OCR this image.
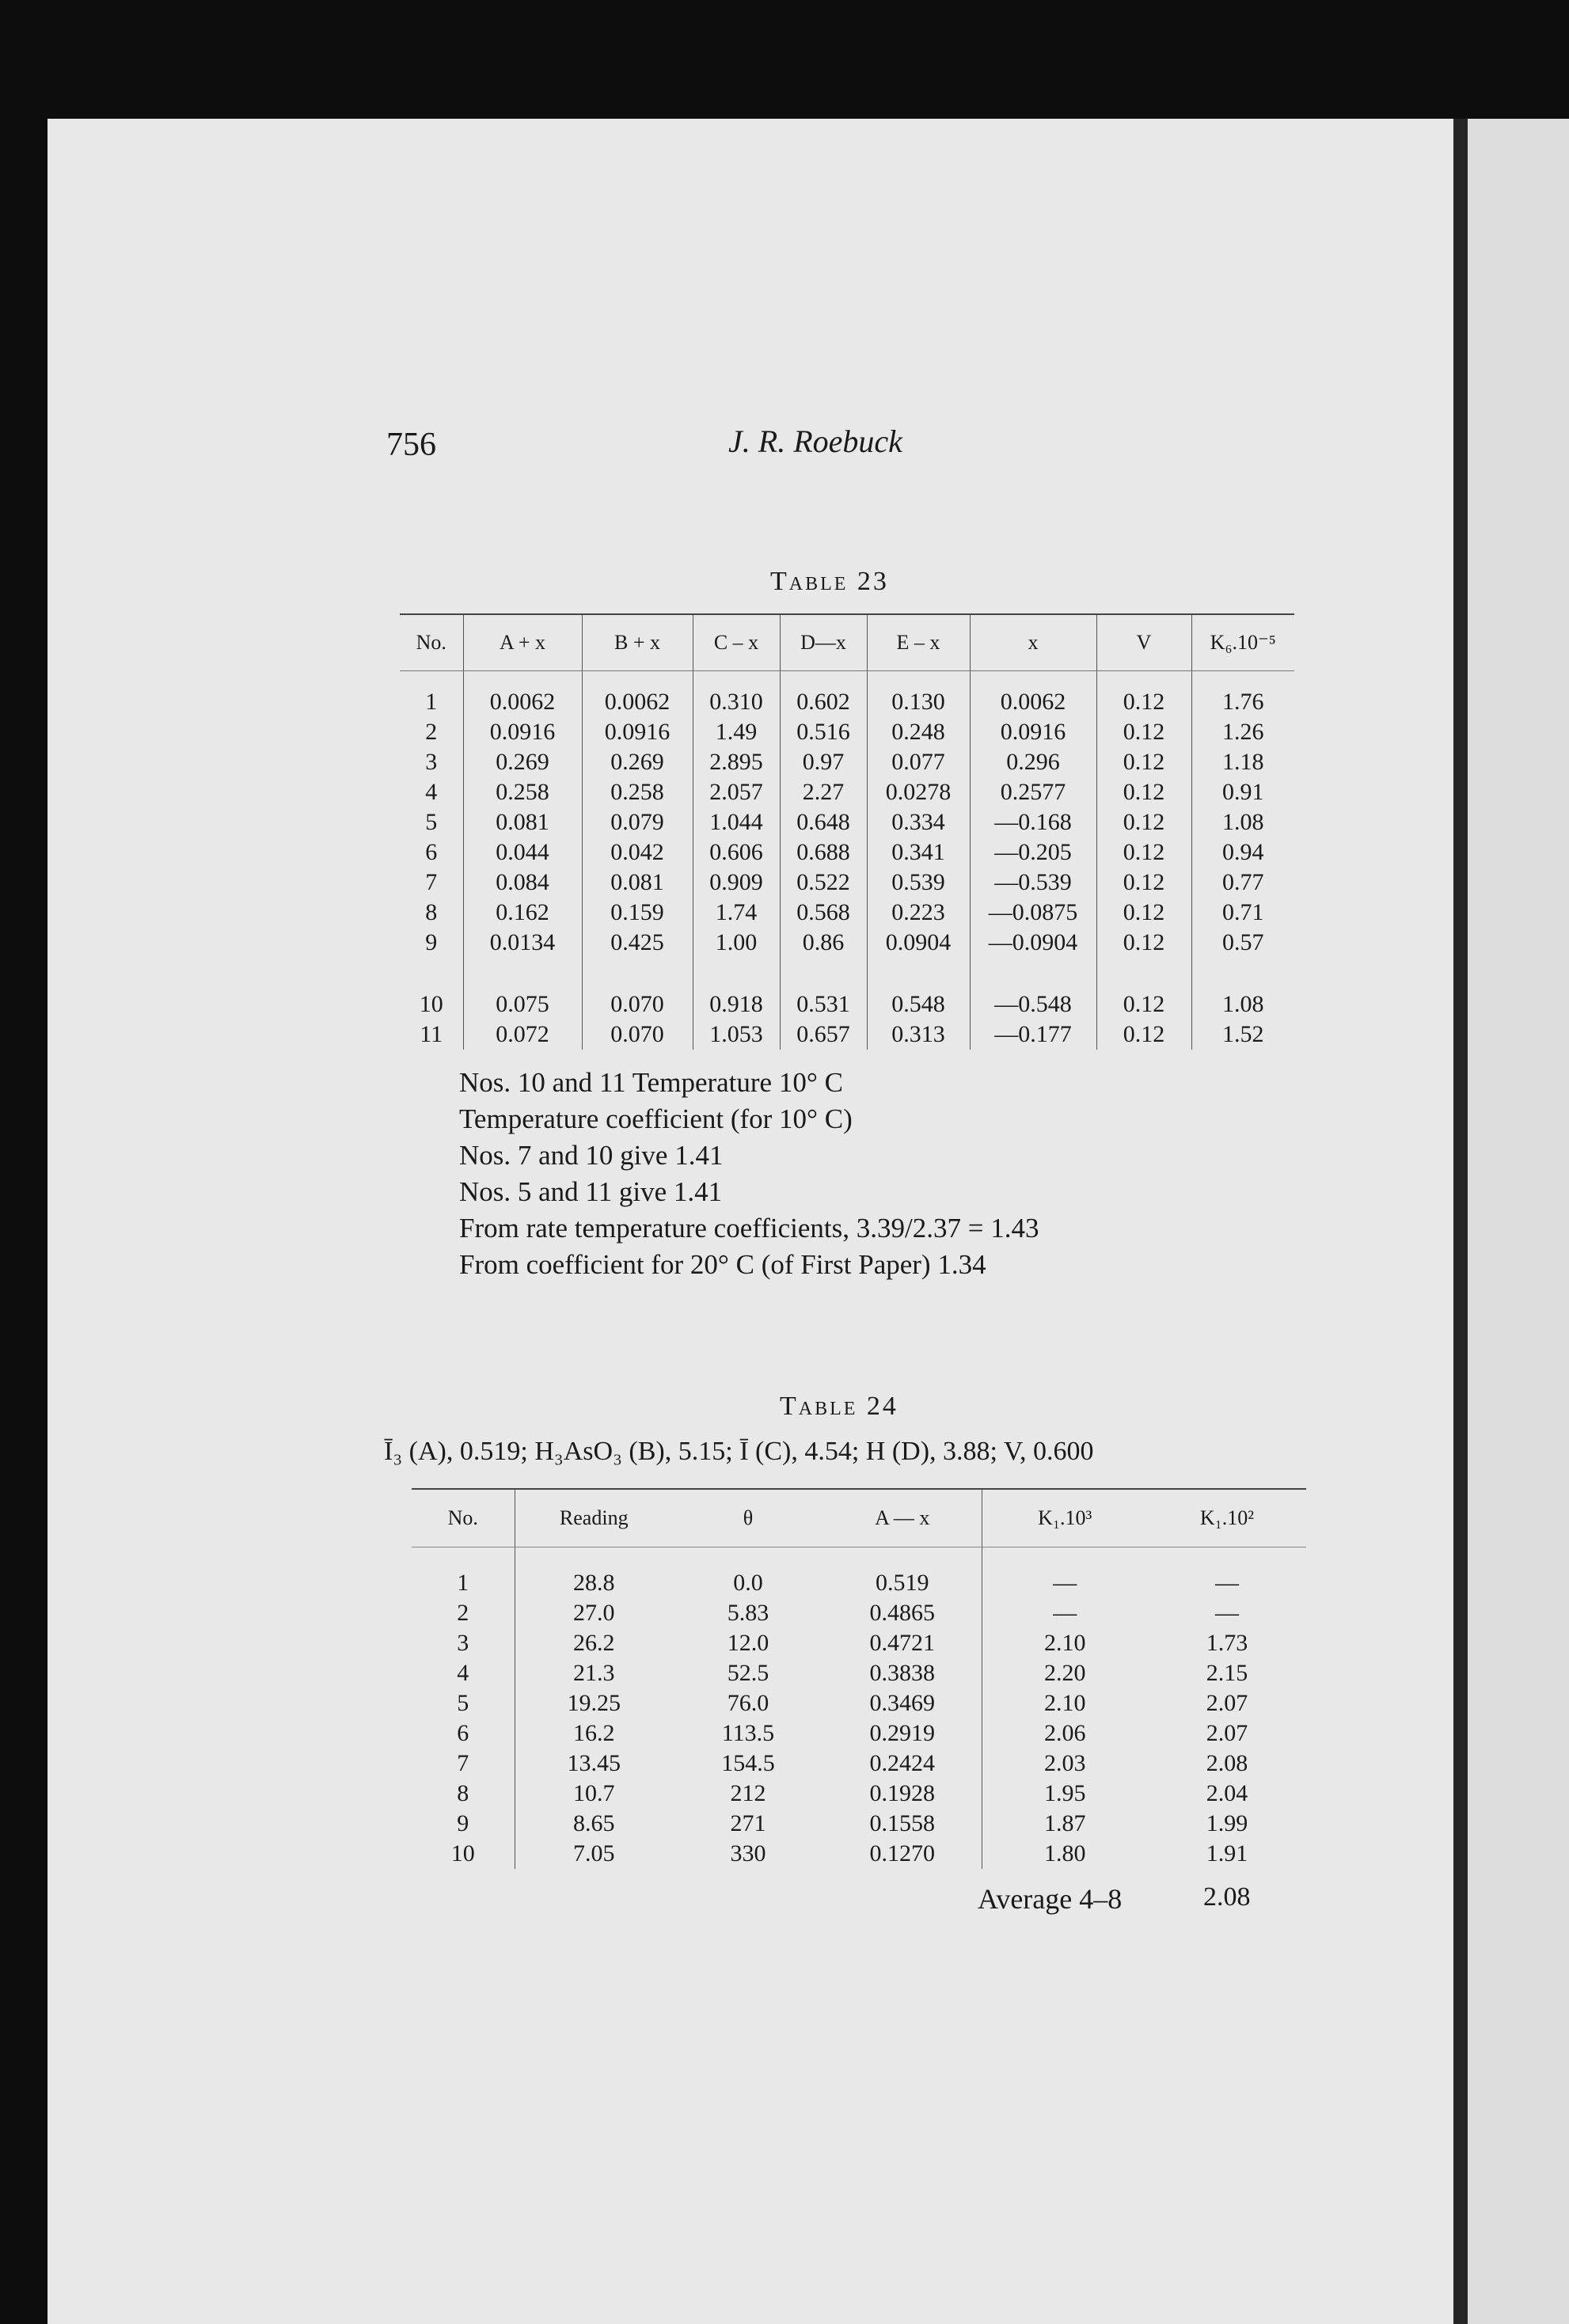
756	J. R. Roebuck
Table 23
No.	A + x	B + x	C – x	D—x	E – x	x	V	K₆.10⁻⁵

1	0.0062	0.0062	0.310	0.602	0.130	0.0062	0.12	1.76
2	0.0916	0.0916	1.49	0.516	0.248	0.0916	0.12	1.26
3	0.269	0.269	2.895	0.97	0.077	0.296	0.12	1.18
4	0.258	0.258	2.057	2.27	0.0278	0.2577	0.12	0.91
5	0.081	0.079	1.044	0.648	0.334	—0.168	0.12	1.08
6	0.044	0.042	0.606	0.688	0.341	—0.205	0.12	0.94
7	0.084	0.081	0.909	0.522	0.539	—0.539	0.12	0.77
8	0.162	0.159	1.74	0.568	0.223	—0.0875	0.12	0.71
9	0.0134	0.425	1.00	0.86	0.0904	—0.0904	0.12	0.57

10	0.075	0.070	0.918	0.531	0.548	—0.548	0.12	1.08
11	0.072	0.070	1.053	0.657	0.313	—0.177	0.12	1.52
Nos. 10 and 11 Temperature 10° C
Temperature coefficient (for 10° C)
Nos. 7 and 10 give 1.41
Nos. 5 and 11 give 1.41
From rate temperature coefficients, 3.39/2.37 = 1.43
From coefficient for 20° C (of First Paper) 1.34
Table 24
Ī₃ (A), 0.519; H₃AsO₃ (B), 5.15; Ī (C), 4.54; H (D), 3.88; V, 0.600
No.	Reading	θ	A — x	K₁.10³	K₁.10²

1	28.8	0.0	0.519	—	—
2	27.0	5.83	0.4865	—	—
3	26.2	12.0	0.4721	2.10	1.73
4	21.3	52.5	0.3838	2.20	2.15
5	19.25	76.0	0.3469	2.10	2.07
6	16.2	113.5	0.2919	2.06	2.07
7	13.45	154.5	0.2424	2.03	2.08
8	10.7	212	0.1928	1.95	2.04
9	8.65	271	0.1558	1.87	1.99
10	7.05	330	0.1270	1.80	1.91
Average 4–8	2.08
